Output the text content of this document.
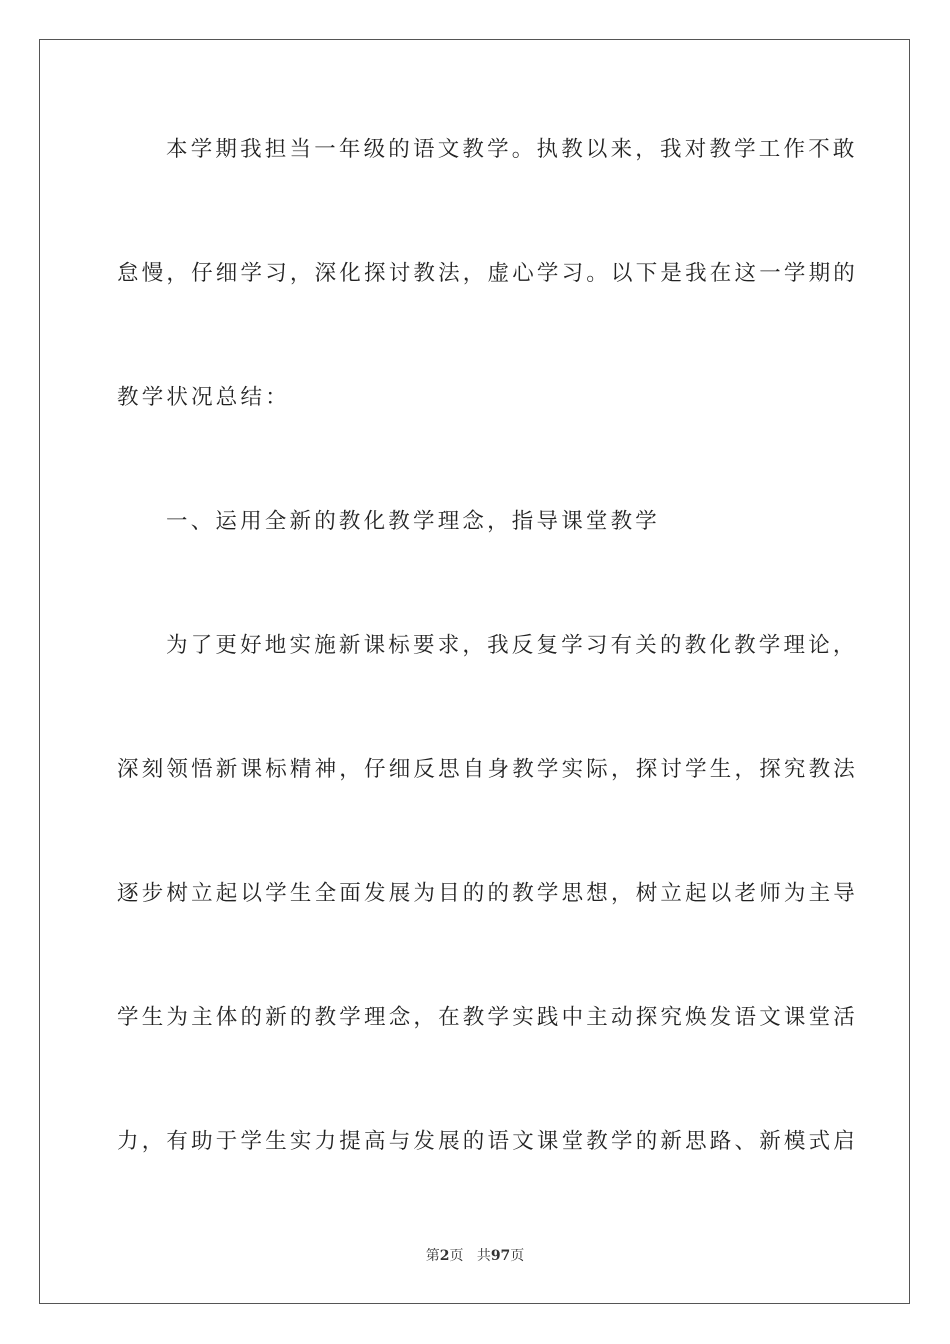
本学期我担当一年级的语文教学。执教以来，我对教学工作不敢
怠慢，仔细学习，深化探讨教法，虚心学习。以下是我在这一学期的
教学状况总结：
一、运用全新的教化教学理念，指导课堂教学
为了更好地实施新课标要求，我反复学习有关的教化教学理论，
深刻领悟新课标精神，仔细反思自身教学实际，探讨学生，探究教法
逐步树立起以学生全面发展为目的的教学思想，树立起以老师为主导
学生为主体的新的教学理念，在教学实践中主动探究焕发语文课堂活
力，有助于学生实力提高与发展的语文课堂教学的新思路、新模式启
第2页 共97页
